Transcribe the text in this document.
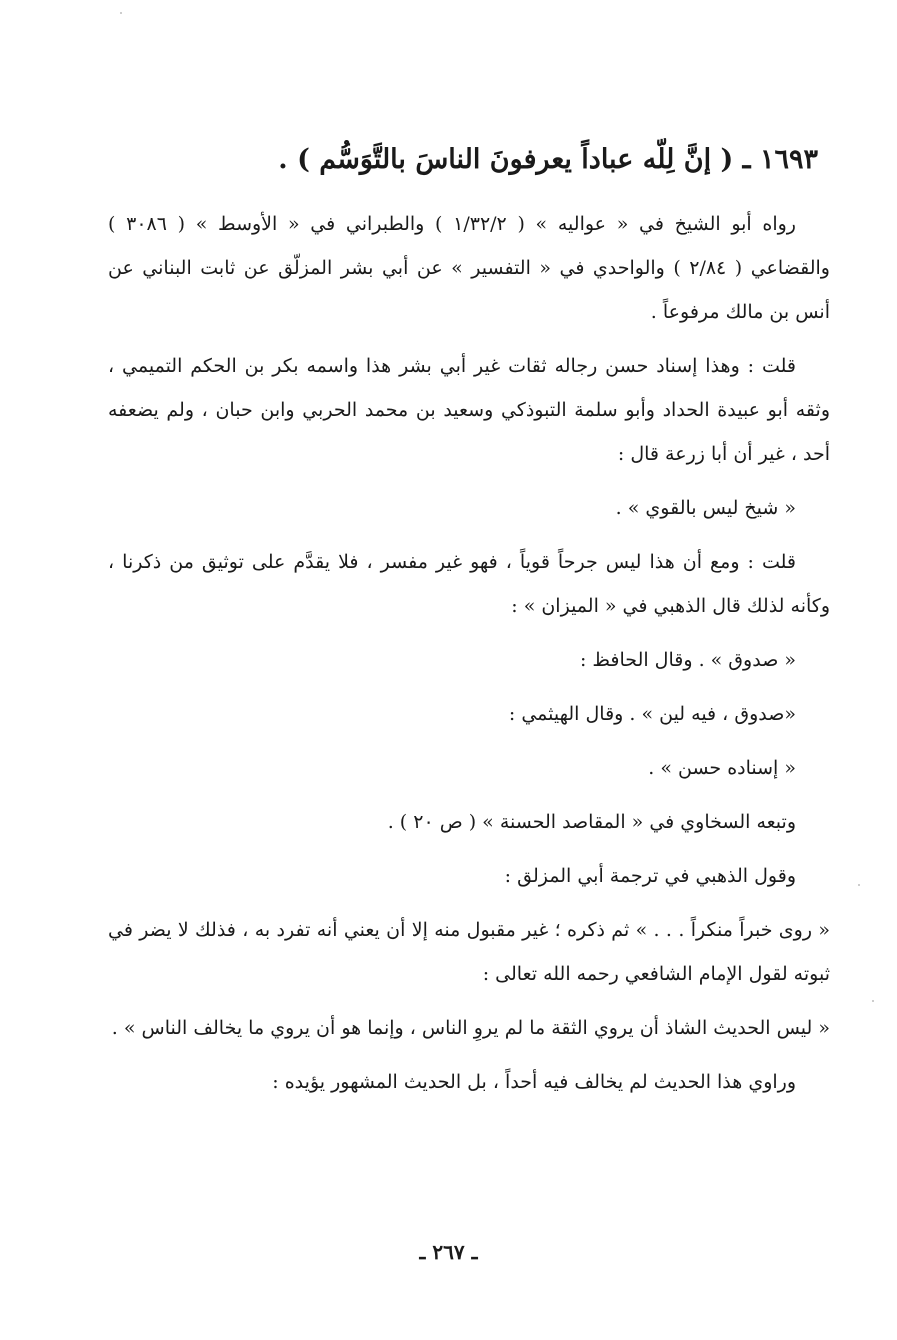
١٦٩٣ ـ ( إنَّ لِلّه عباداً يعرفونَ الناسَ بالتَّوَسُّم ) .

رواه أبو الشيخ في « عواليه » ( ١/٣٢/٢ ) والطبراني في « الأوسط » ( ٣٠٨٦ ) والقضاعي ( ٢/٨٤ ) والواحدي في « التفسير » عن أبي بشر المزلّق عن ثابت البناني عن أنس بن مالك مرفوعاً .

قلت : وهذا إسناد حسن رجاله ثقات غير أبي بشر هذا واسمه بكر بن الحكم التميمي ، وثقه أبو عبيدة الحداد وأبو سلمة التبوذكي وسعيد بن محمد الحربي وابن حبان ، ولم يضعفه أحد ، غير أن أبا زرعة قال :

« شيخ ليس بالقوي » .

قلت : ومع أن هذا ليس جرحاً قوياً ، فهو غير مفسر ، فلا يقدَّم على توثيق من ذكرنا ، وكأنه لذلك قال الذهبي في « الميزان » :

« صدوق » . وقال الحافظ :

«صدوق ، فيه لين » . وقال الهيثمي :

« إسناده حسن » .

وتبعه السخاوي في « المقاصد الحسنة » ( ص ٢٠ ) .

وقول الذهبي في ترجمة أبي المزلق :

« روى خبراً منكراً . . . » ثم ذكره ؛ غير مقبول منه إلا أن يعني أنه تفرد به ، فذلك لا يضر في ثبوته لقول الإمام الشافعي رحمه الله تعالى :

« ليس الحديث الشاذ أن يروي الثقة ما لم يروِ الناس ، وإنما هو أن يروي ما يخالف الناس » .

وراوي هذا الحديث لم يخالف فيه أحداً ، بل الحديث المشهور يؤيده :

ـ ٢٦٧ ـ
